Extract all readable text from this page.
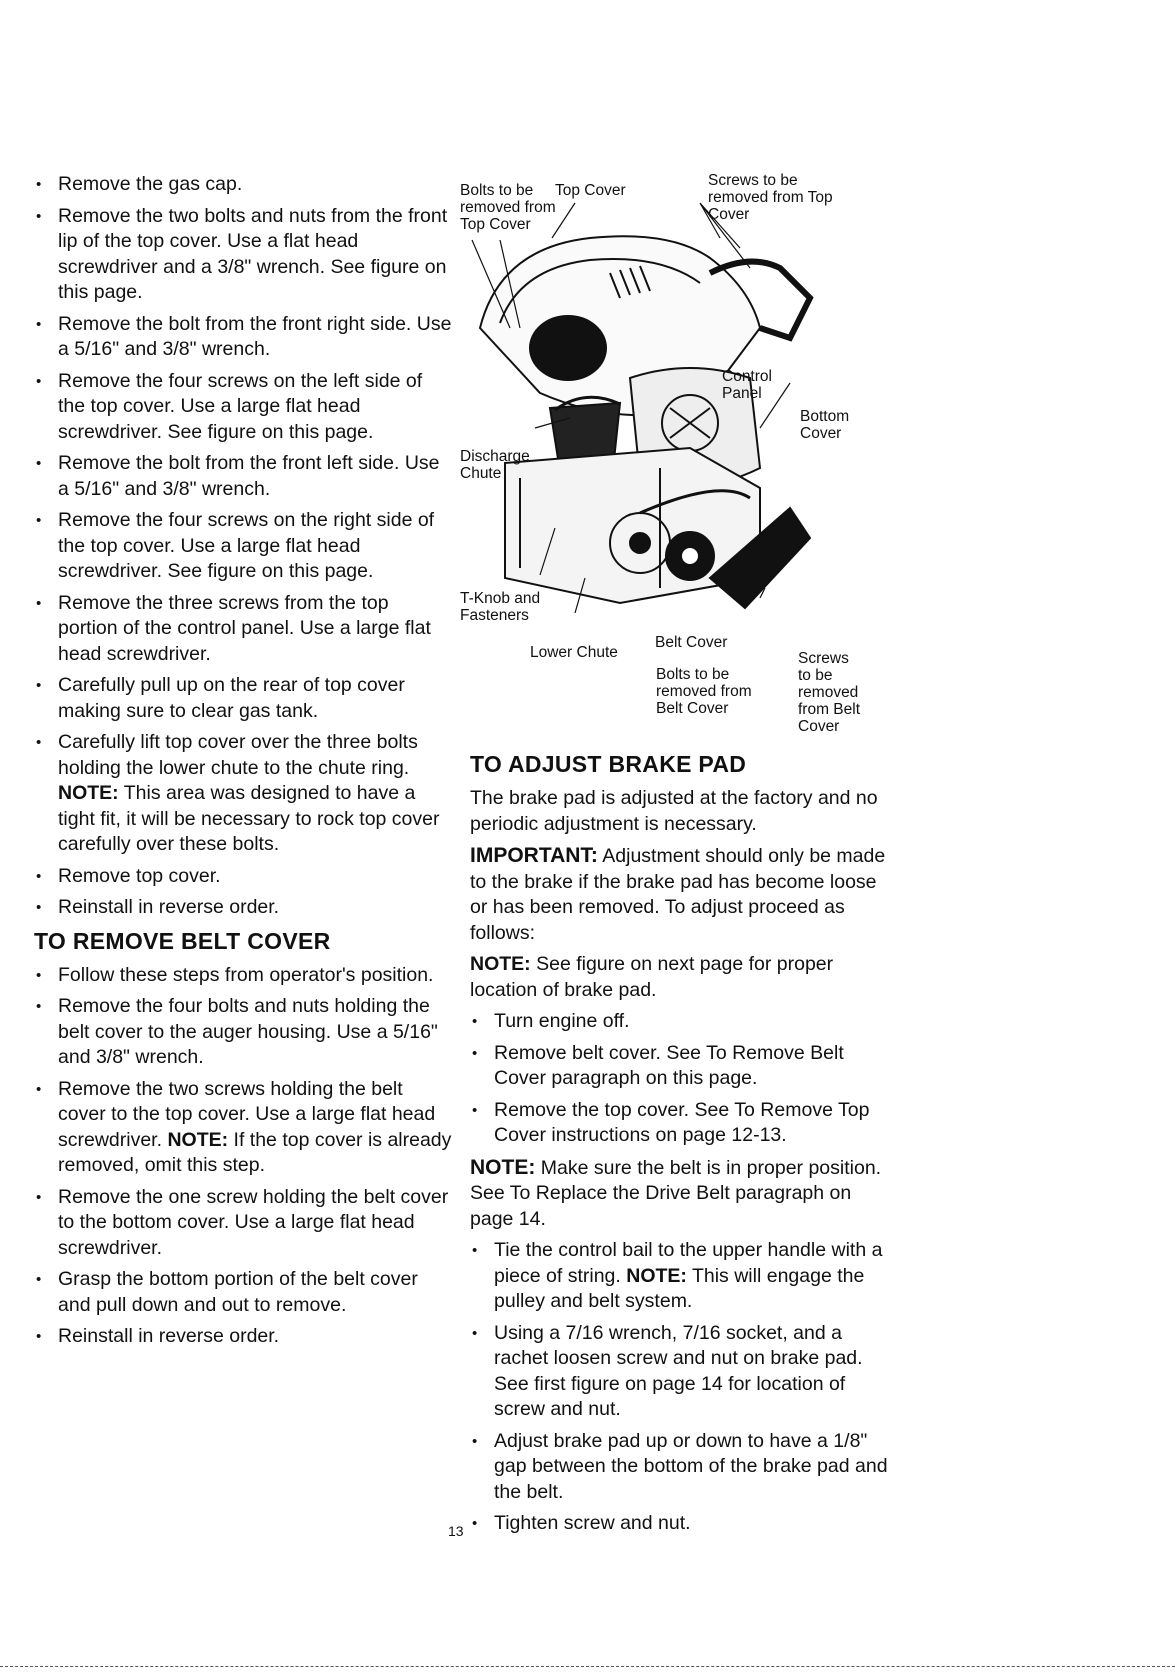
• Remove the gas cap.
• Remove the two bolts and nuts from the front lip of the top cover. Use a flat head screwdriver and a 3/8" wrench. See figure on this page.
• Remove the bolt from the front right side. Use a 5/16" and 3/8" wrench.
• Remove the four screws on the left side of the top cover. Use a large flat head screwdriver. See figure on this page.
• Remove the bolt from the front left side. Use a 5/16" and 3/8" wrench.
• Remove the four screws on the right side of the top cover. Use a large flat head screwdriver. See figure on this page.
• Remove the three screws from the top portion of the control panel. Use a large flat head screwdriver.
• Carefully pull up on the rear of top cover making sure to clear gas tank.
• Carefully lift top cover over the three bolts holding the lower chute to the chute ring. NOTE: This area was designed to have a tight fit, it will be necessary to rock top cover carefully over these bolts.
• Remove top cover.
• Reinstall in reverse order.
TO REMOVE BELT COVER
• Follow these steps from operator's position.
• Remove the four bolts and nuts holding the belt cover to the auger housing. Use a 5/16" and 3/8" wrench.
• Remove the two screws holding the belt cover to the top cover. Use a large flat head screwdriver. NOTE: If the top cover is already removed, omit this step.
• Remove the one screw holding the belt cover to the bottom cover. Use a large flat head screwdriver.
• Grasp the bottom portion of the belt cover and pull down and out to remove.
• Reinstall in reverse order.
Bolts to be
removed from
Top Cover
Top Cover
Screws to be
removed from Top
Cover
Control
Panel
Bottom
Cover
Discharge
Chute
T-Knob and
Fasteners
Lower Chute
Belt Cover
Bolts to be
removed from
Belt Cover
Screws
to be
removed
from Belt
Cover
TO ADJUST BRAKE PAD

The brake pad is adjusted at the factory and no periodic adjustment is necessary.

IMPORTANT: Adjustment should only be made to the brake if the brake pad has become loose or has been removed. To adjust proceed as follows:

NOTE: See figure on next page for proper location of brake pad.

• Turn engine off.
• Remove belt cover. See To Remove Belt Cover paragraph on this page.
• Remove the top cover. See To Remove Top Cover instructions on page 12-13.

NOTE: Make sure the belt is in proper position. See To Replace the Drive Belt paragraph on page 14.

• Tie the control bail to the upper handle with a piece of string. NOTE: This will engage the pulley and belt system.
• Using a 7/16 wrench, 7/16 socket, and a rachet loosen screw and nut on brake pad. See first figure on page 14 for location of screw and nut.
• Adjust brake pad up or down to have a 1/8" gap between the bottom of the brake pad and the belt.
• Tighten screw and nut.
13
